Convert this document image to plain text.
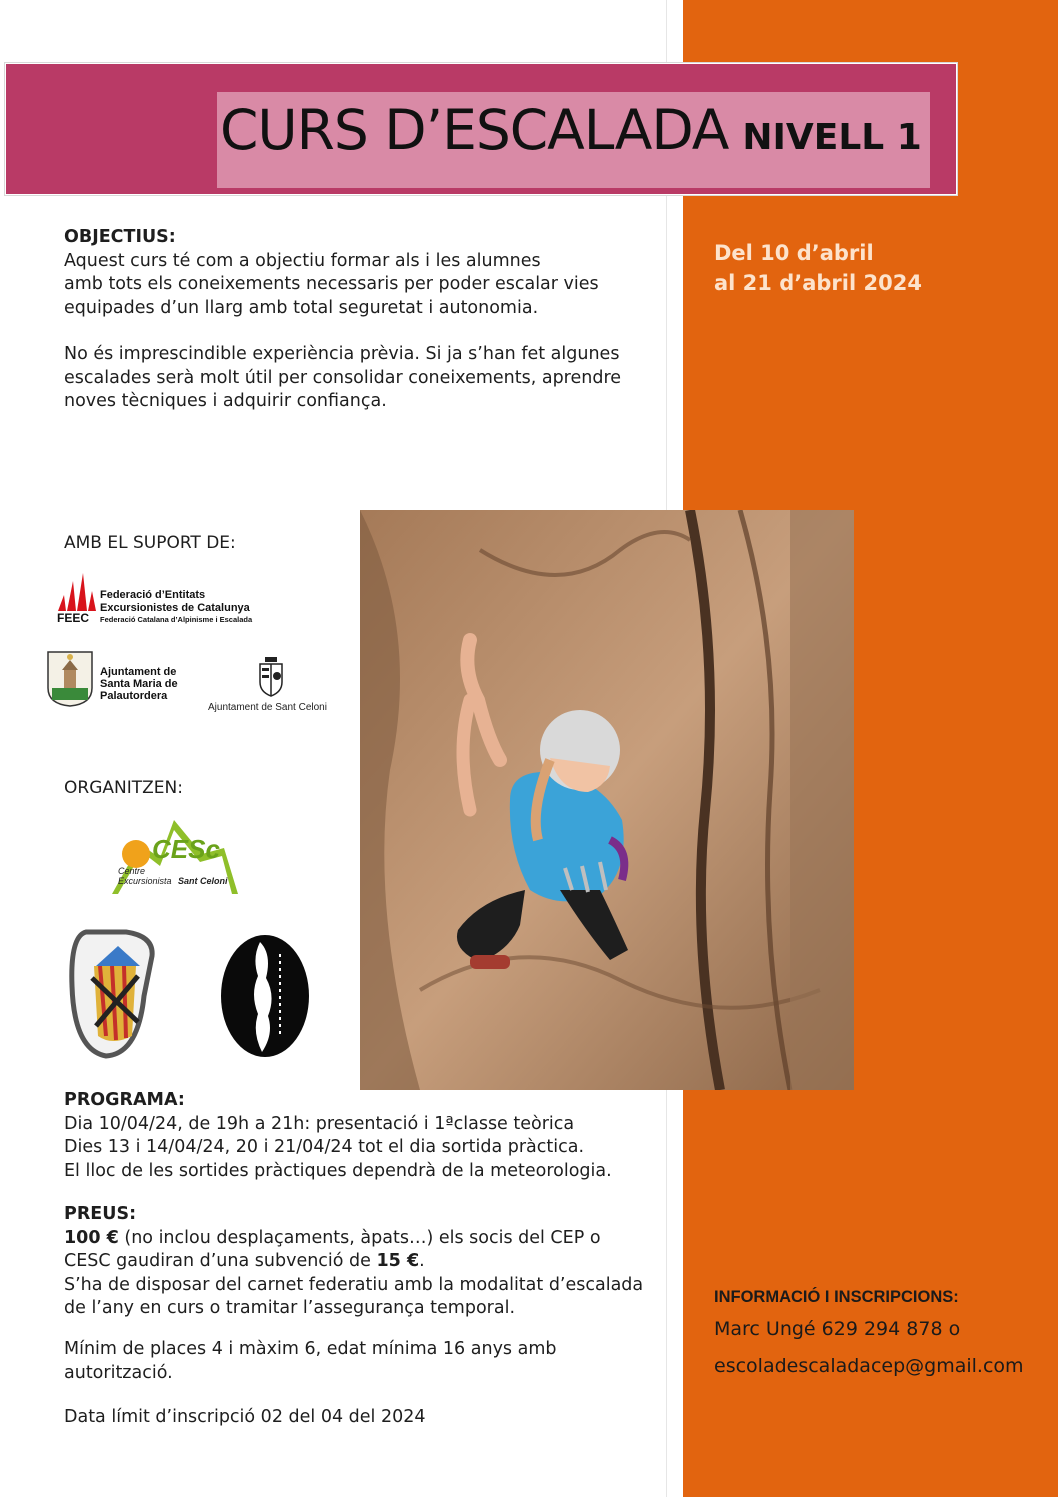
CURS D’ESCALADA NIVELL 1
Del 10 d’abril
al 21 d’abril 2024
OBJECTIUS:
Aquest curs té com a objectiu formar als i les alumnes
amb tots els coneixements necessaris per poder escalar vies
equipades d’un llarg amb total seguretat i autonomia.
No és imprescindible experiència prèvia. Si ja s’han fet algunes
escalades serà molt útil per consolidar coneixements, aprendre
noves tècniques i adquirir confiança.
AMB EL SUPORT DE:
FEEC
Federació d’Entitats
Excursionistes de Catalunya
Federació Catalana d’Alpinisme i Escalada
Ajuntament de
Santa Maria de
Palautordera
Ajuntament de Sant Celoni
ORGANITZEN:
CESc
Centre
Excursionista Sant Celoni
PROGRAMA:
Dia 10/04/24, de 19h a 21h: presentació i 1ªclasse teòrica
Dies 13 i 14/04/24, 20 i 21/04/24 tot el dia sortida pràctica.
El lloc de les sortides pràctiques dependrà de la meteorologia.
PREUS:
100 € (no inclou desplaçaments, àpats…) els socis del CEP o
CESC gaudiran d’una subvenció de 15 €.
S’ha de disposar del carnet federatiu amb la modalitat d’escalada
de l’any en curs o tramitar l’assegurança temporal.
Mínim de places 4 i màxim 6, edat mínima 16 anys amb
autorització.
Data límit d’inscripció 02 del 04 del 2024
INFORMACIÓ I INSCRIPCIONS:
Marc Ungé 629 294 878 o
escoladescaladacep@gmail.com
